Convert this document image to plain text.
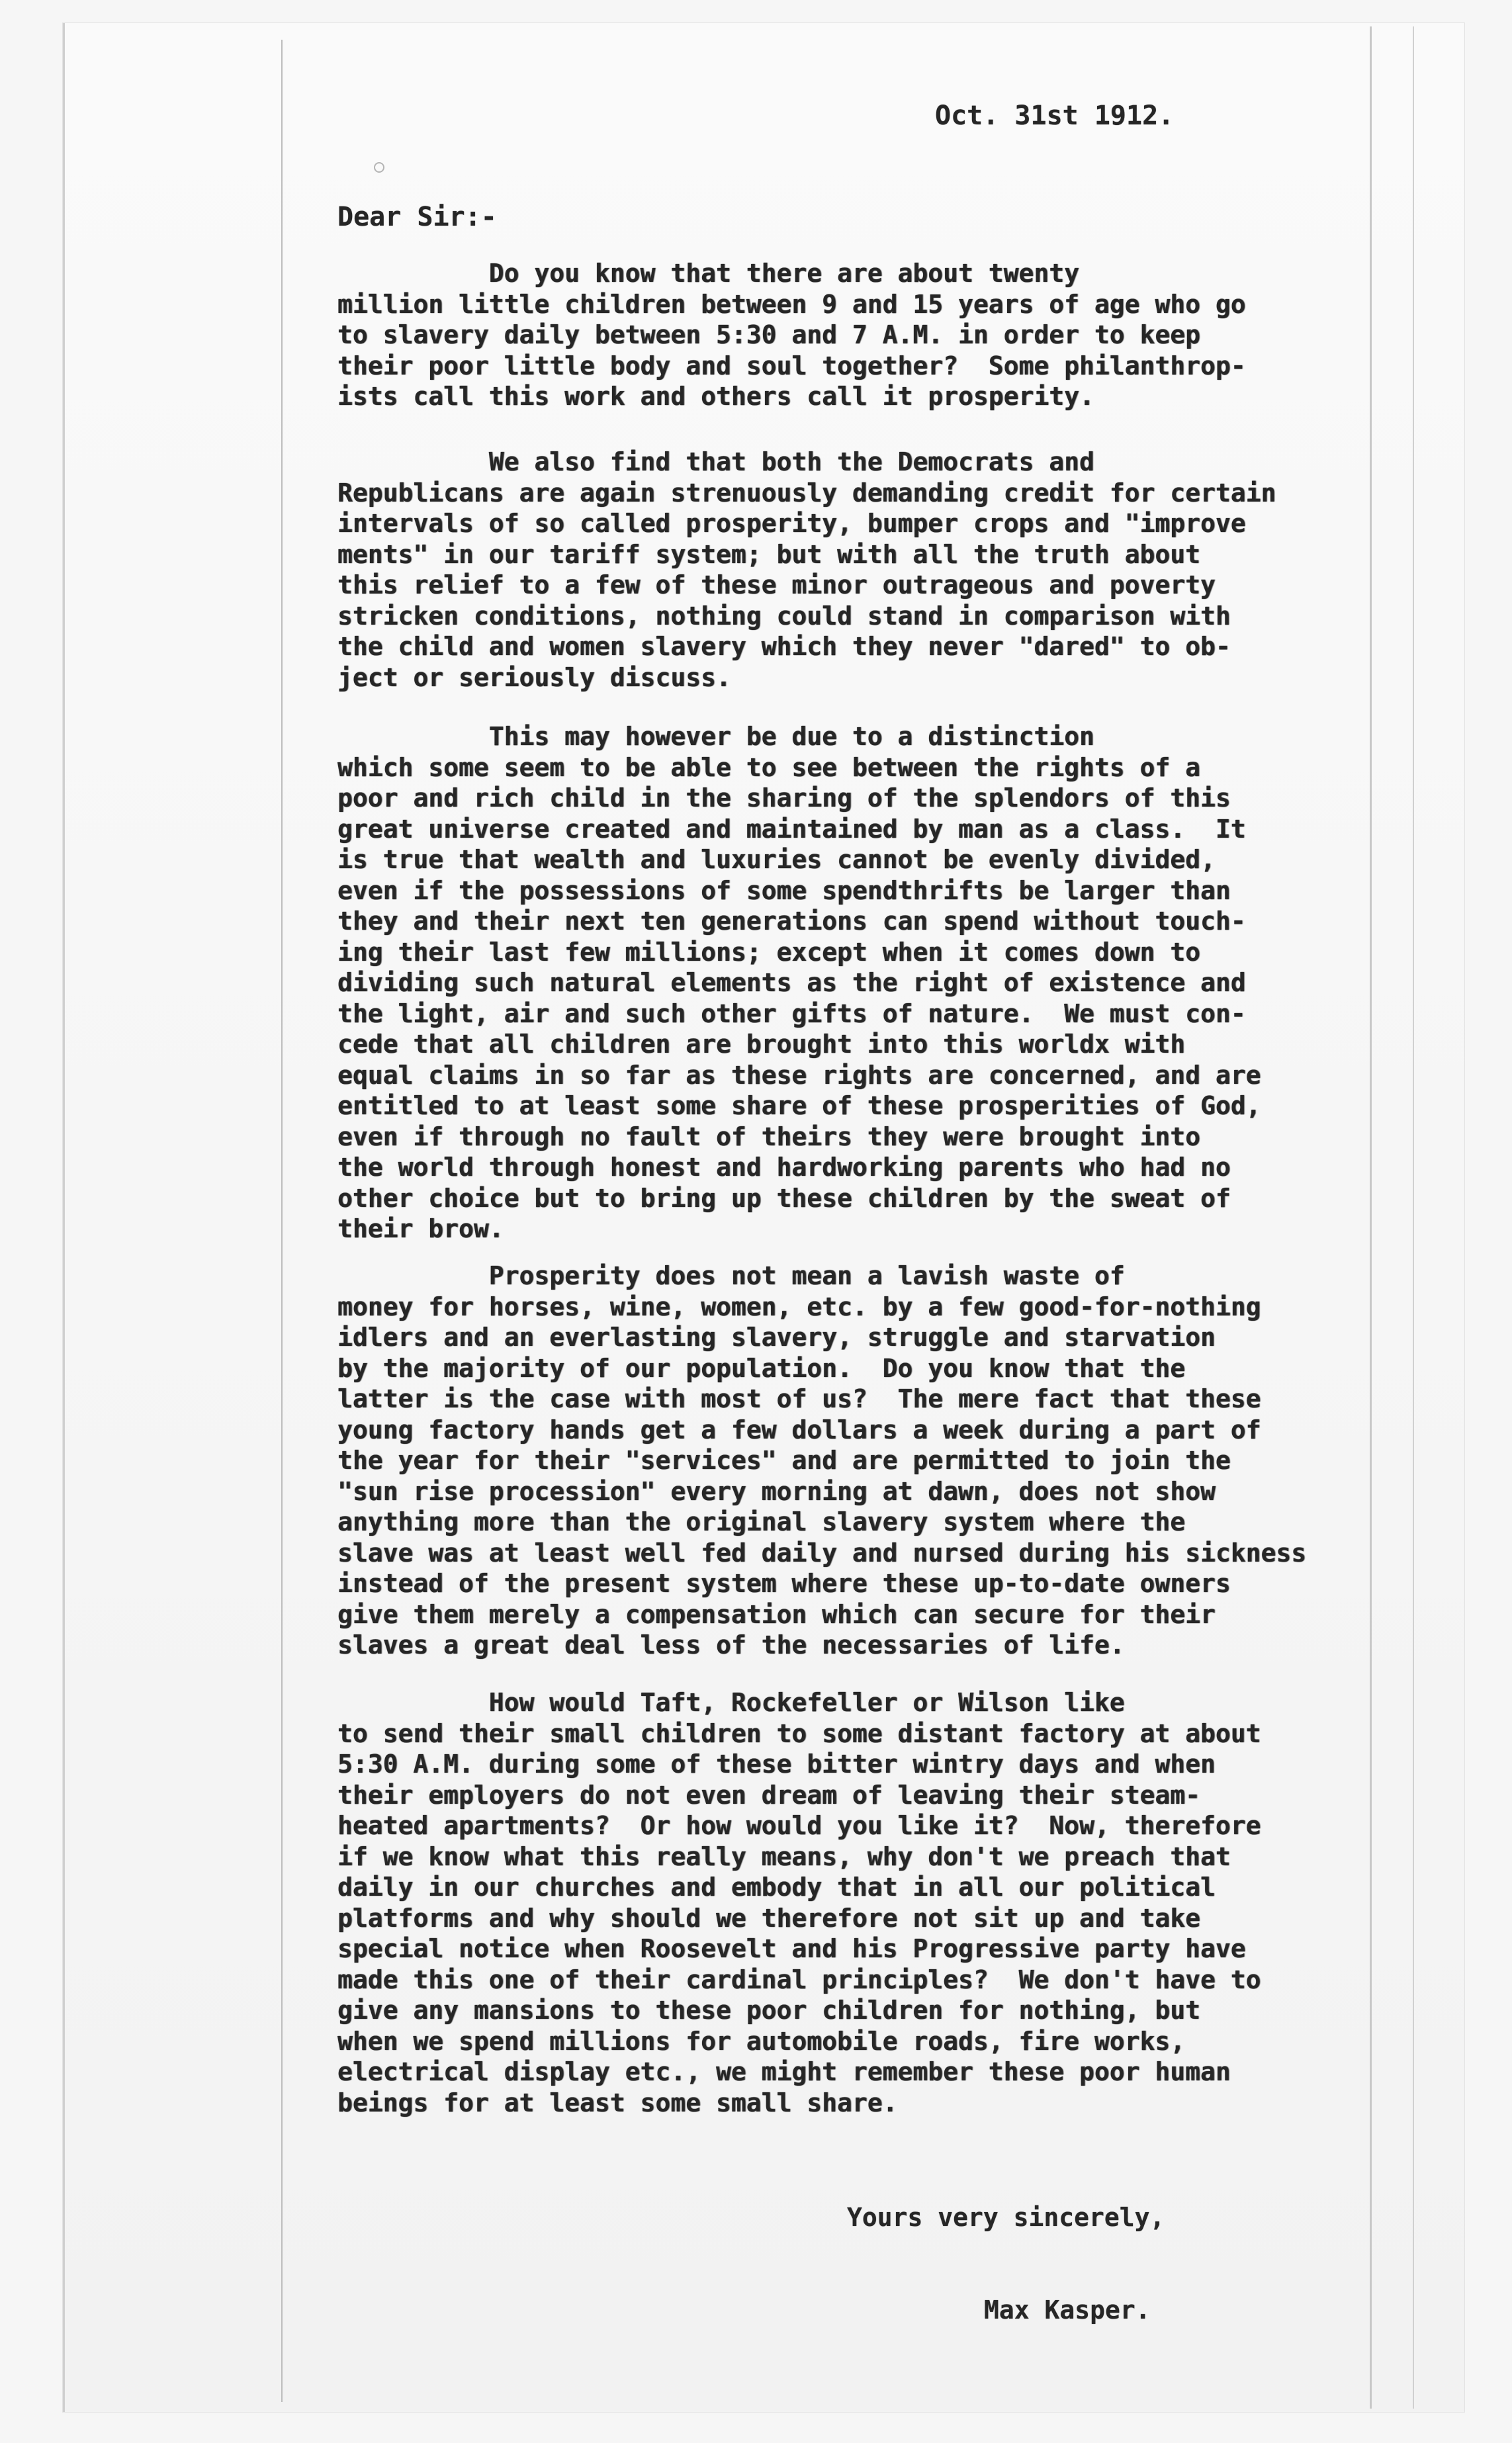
Oct. 31st 1912.
Dear Sir:-
Do you know that there are about twenty
million little children between 9 and 15 years of age who go
to slavery daily between 5:30 and 7 A.M. in order to keep
their poor little body and soul together?  Some philanthrop-
ists call this work and others call it prosperity.
We also find that both the Democrats and
Republicans are again strenuously demanding credit for certain
intervals of so called prosperity, bumper crops and "improve
ments" in our tariff system; but with all the truth about
this relief to a few of these minor outrageous and poverty
stricken conditions, nothing could stand in comparison with
the child and women slavery which they never "dared" to ob-
ject or seriously discuss.
This may however be due to a distinction
which some seem to be able to see between the rights of a
poor and rich child in the sharing of the splendors of this
great universe created and maintained by man as a class.  It
is true that wealth and luxuries cannot be evenly divided,
even if the possessions of some spendthrifts be larger than
they and their next ten generations can spend without touch-
ing their last few millions; except when it comes down to
dividing such natural elements as the right of existence and
the light, air and such other gifts of nature.  We must con-
cede that all children are brought into this worldx with
equal claims in so far as these rights are concerned, and are
entitled to at least some share of these prosperities of God,
even if through no fault of theirs they were brought into
the world through honest and hardworking parents who had no
other choice but to bring up these children by the sweat of
their brow.
Prosperity does not mean a lavish waste of
money for horses, wine, women, etc. by a few good-for-nothing
idlers and an everlasting slavery, struggle and starvation
by the majority of our population.  Do you know that the
latter is the case with most of us?  The mere fact that these
young factory hands get a few dollars a week during a part of
the year for their "services" and are permitted to join the
"sun rise procession" every morning at dawn, does not show
anything more than the original slavery system where the
slave was at least well fed daily and nursed during his sickness
instead of the present system where these up-to-date owners
give them merely a compensation which can secure for their
slaves a great deal less of the necessaries of life.
How would Taft, Rockefeller or Wilson like
to send their small children to some distant factory at about
5:30 A.M. during some of these bitter wintry days and when
their employers do not even dream of leaving their steam-
heated apartments?  Or how would you like it?  Now, therefore
if we know what this really means, why don't we preach that
daily in our churches and embody that in all our political
platforms and why should we therefore not sit up and take
special notice when Roosevelt and his Progressive party have
made this one of their cardinal principles?  We don't have to
give any mansions to these poor children for nothing, but
when we spend millions for automobile roads, fire works,
electrical display etc., we might remember these poor human
beings for at least some small share.

Yours very sincerely,

Max Kasper.
